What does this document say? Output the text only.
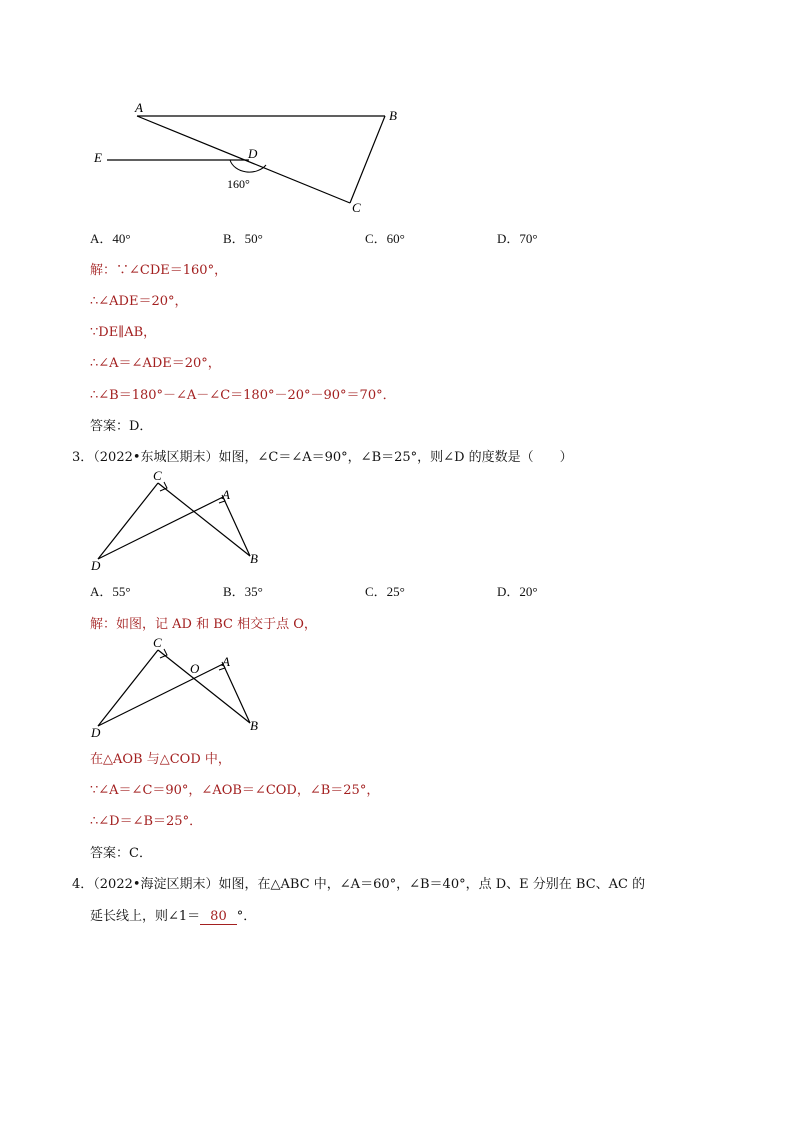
A
B
C
D
E
160°
A．40°	B．50°	C．60°	D．70°
解：∵∠CDE＝160°，
∴∠ADE＝20°，
∵DE∥AB，
∴∠A＝∠ADE＝20°，
∴∠B＝180°－∠A－∠C＝180°－20°－90°＝70°．
答案：D．
3．（2022•东城区期末）如图，∠C＝∠A＝90°，∠B＝25°，则∠D 的度数是（　　）
C
A
B
D
A．55°	B．35°	C．25°	D．20°
解：如图，记 AD 和 BC 相交于点 O，
C
O A
B
D
在△AOB 与△COD 中，
∵∠A＝∠C＝90°，∠AOB＝∠COD，∠B＝25°，
∴∠D＝∠B＝25°．
答案：C．
4．（2022•海淀区期末）如图，在△ABC 中，∠A＝60°，∠B＝40°，点 D、E 分别在 BC、AC 的
延长线上，则∠1＝ 80 °．
